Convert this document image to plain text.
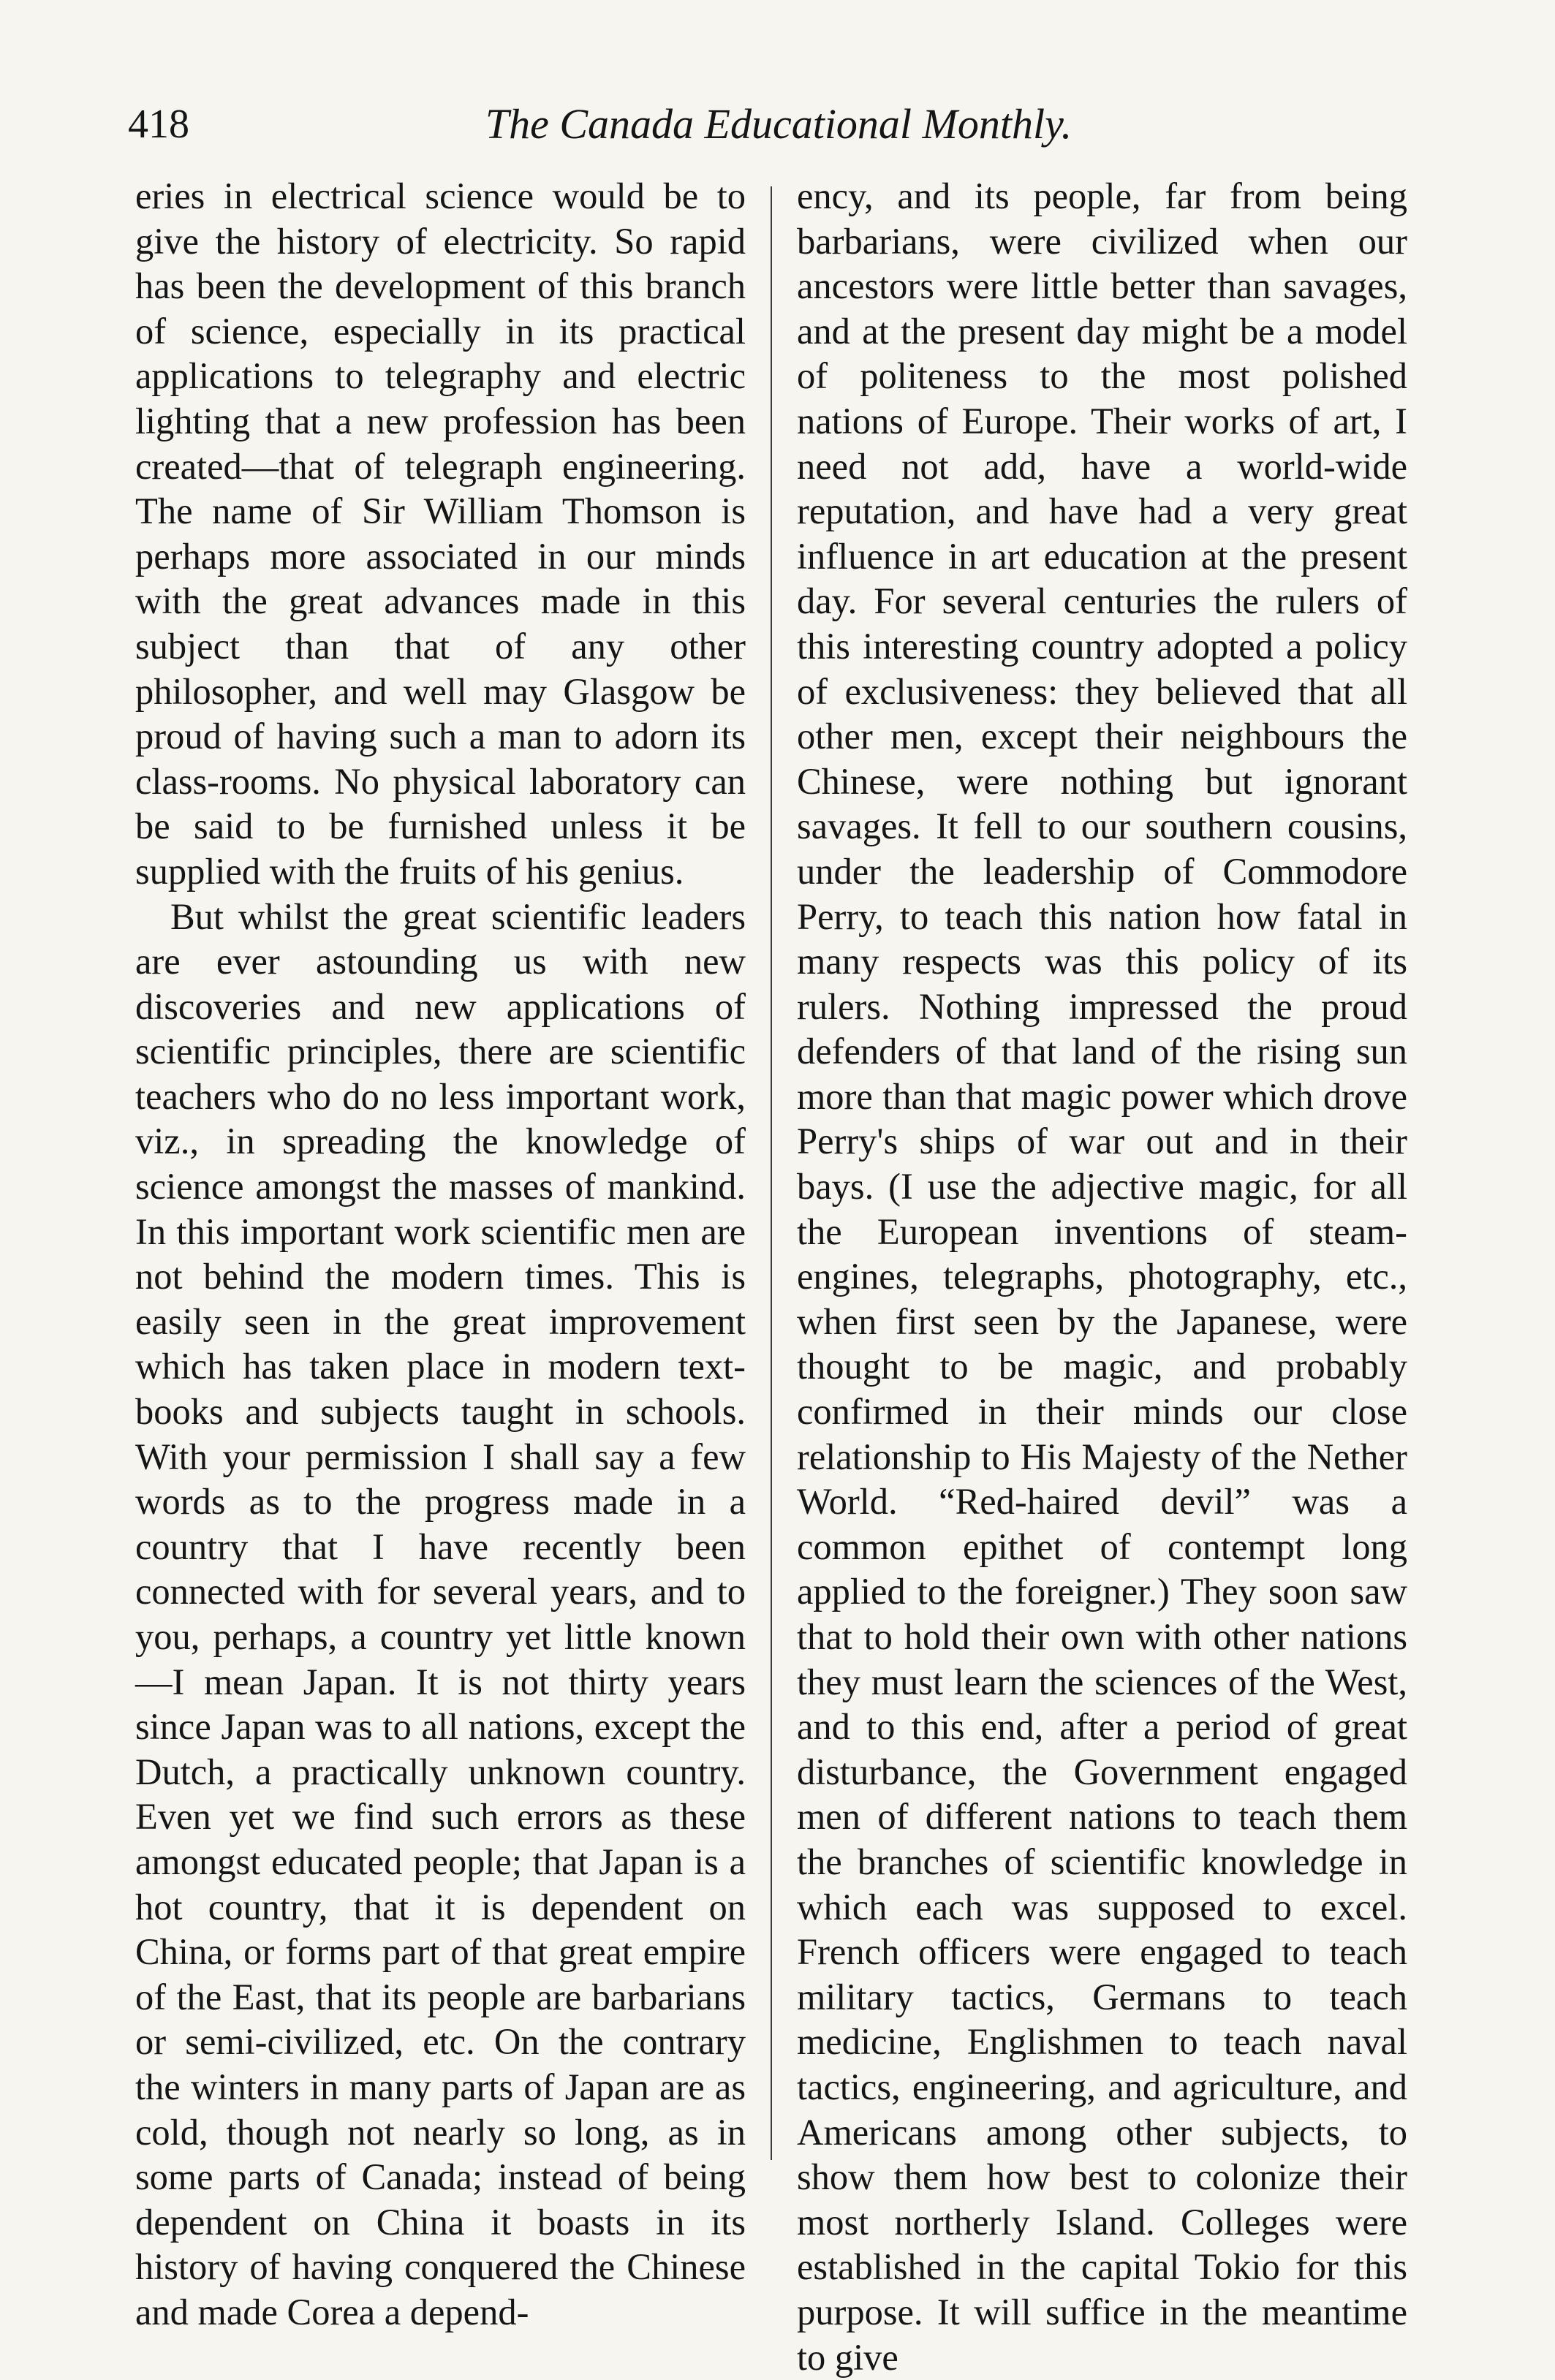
418	The Canada Educational Monthly.

eries in electrical science would be to give the history of electricity. So rapid has been the development of this branch of science, especially in its practical applications to telegraphy and electric lighting that a new profession has been created—that of telegraph engineering. The name of Sir William Thomson is perhaps more associated in our minds with the great advances made in this subject than that of any other philosopher, and well may Glasgow be proud of having such a man to adorn its class-rooms. No physical laboratory can be said to be furnished unless it be supplied with the fruits of his genius.

But whilst the great scientific leaders are ever astounding us with new discoveries and new applications of scientific principles, there are scientific teachers who do no less important work, viz., in spreading the knowledge of science amongst the masses of mankind. In this important work scientific men are not behind the modern times. This is easily seen in the great improvement which has taken place in modern text-books and subjects taught in schools. With your permission I shall say a few words as to the progress made in a country that I have recently been connected with for several years, and to you, perhaps, a country yet little known—I mean Japan. It is not thirty years since Japan was to all nations, except the Dutch, a practically unknown country. Even yet we find such errors as these amongst educated people; that Japan is a hot country, that it is dependent on China, or forms part of that great empire of the East, that its people are barbarians or semi-civilized, etc. On the contrary the winters in many parts of Japan are as cold, though not nearly so long, as in some parts of Canada; instead of being dependent on China it boasts in its history of having conquered the Chinese and made Corea a depend-

ency, and its people, far from being barbarians, were civilized when our ancestors were little better than savages, and at the present day might be a model of politeness to the most polished nations of Europe. Their works of art, I need not add, have a world-wide reputation, and have had a very great influence in art education at the present day. For several centuries the rulers of this interesting country adopted a policy of exclusiveness: they believed that all other men, except their neighbours the Chinese, were nothing but ignorant savages. It fell to our southern cousins, under the leadership of Commodore Perry, to teach this nation how fatal in many respects was this policy of its rulers. Nothing impressed the proud defenders of that land of the rising sun more than that magic power which drove Perry's ships of war out and in their bays. (I use the adjective magic, for all the European inventions of steam-engines, telegraphs, photography, etc., when first seen by the Japanese, were thought to be magic, and probably confirmed in their minds our close relationship to His Majesty of the Nether World. “Red-haired devil” was a common epithet of contempt long applied to the foreigner.) They soon saw that to hold their own with other nations they must learn the sciences of the West, and to this end, after a period of great disturbance, the Government engaged men of different nations to teach them the branches of scientific knowledge in which each was supposed to excel. French officers were engaged to teach military tactics, Germans to teach medicine, Englishmen to teach naval tactics, engineering, and agriculture, and Americans among other subjects, to show them how best to colonize their most northerly Island. Colleges were established in the capital Tokio for this purpose. It will suffice in the meantime to give
